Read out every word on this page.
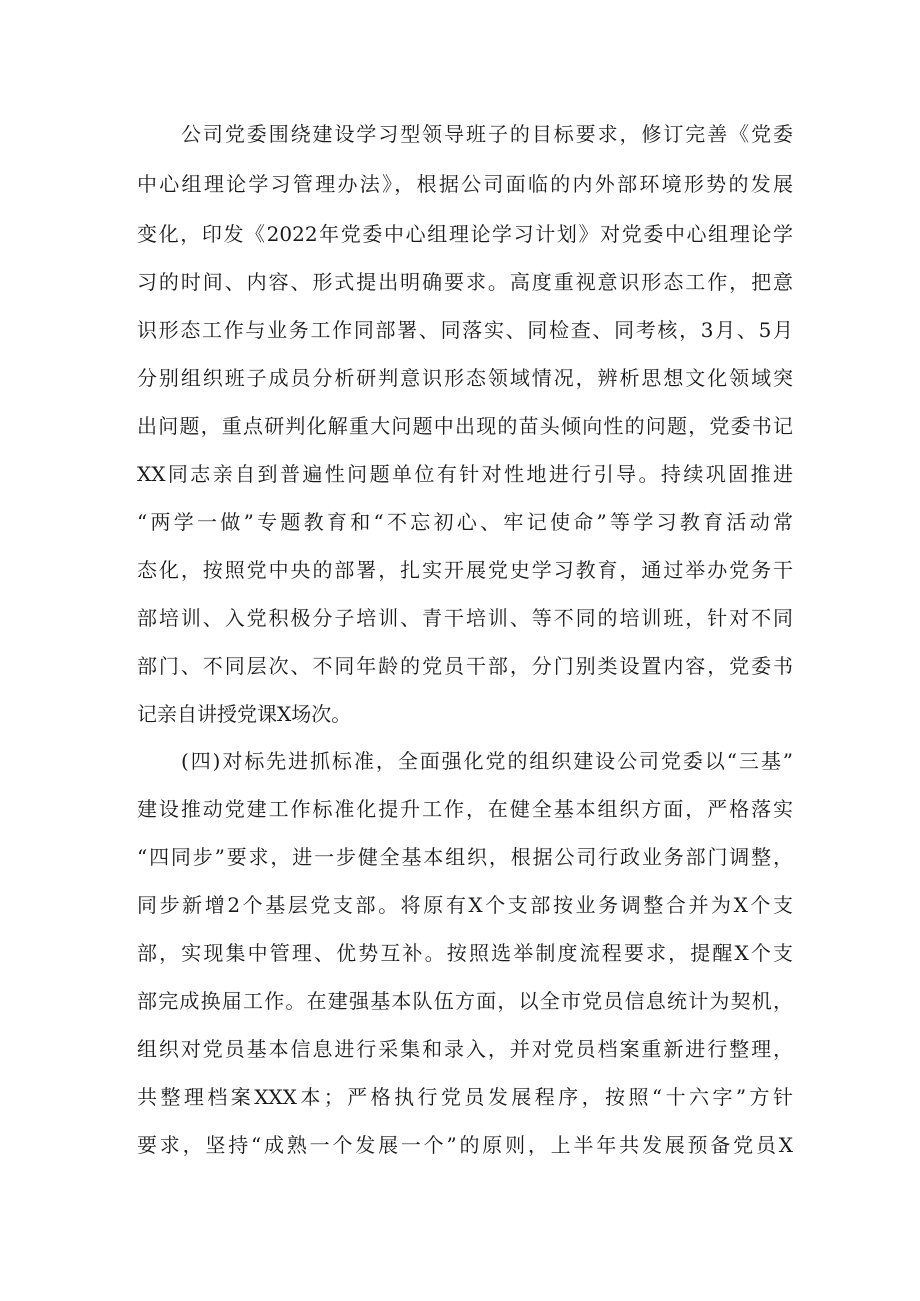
公司党委围绕建设学习型领导班子的目标要求，修订完善《党委
中心组理论学习管理办法》，根据公司面临的内外部环境形势的发展
变化，印发《2022年党委中心组理论学习计划》对党委中心组理论学
习的时间、内容、形式提出明确要求。高度重视意识形态工作，把意
识形态工作与业务工作同部署、同落实、同检查、同考核，3月、5月
分别组织班子成员分析研判意识形态领域情况，辨析思想文化领域突
出问题，重点研判化解重大问题中出现的苗头倾向性的问题，党委书记
XX同志亲自到普遍性问题单位有针对性地进行引导。持续巩固推进
“两学一做”专题教育和“不忘初心、牢记使命”等学习教育活动常
态化，按照党中央的部署，扎实开展党史学习教育，通过举办党务干
部培训、入党积极分子培训、青干培训、等不同的培训班，针对不同
部门、不同层次、不同年龄的党员干部，分门别类设置内容，党委书
记亲自讲授党课X场次。
(四)对标先进抓标准，全面强化党的组织建设公司党委以“三基”
建设推动党建工作标准化提升工作，在健全基本组织方面，严格落实
“四同步”要求，进一步健全基本组织，根据公司行政业务部门调整，
同步新增2个基层党支部。将原有X个支部按业务调整合并为X个支
部，实现集中管理、优势互补。按照选举制度流程要求，提醒X个支
部完成换届工作。在建强基本队伍方面，以全市党员信息统计为契机，
组织对党员基本信息进行采集和录入，并对党员档案重新进行整理，
共整理档案XXX本；严格执行党员发展程序，按照“十六字”方针
要求，坚持“成熟一个发展一个”的原则，上半年共发展预备党员X
